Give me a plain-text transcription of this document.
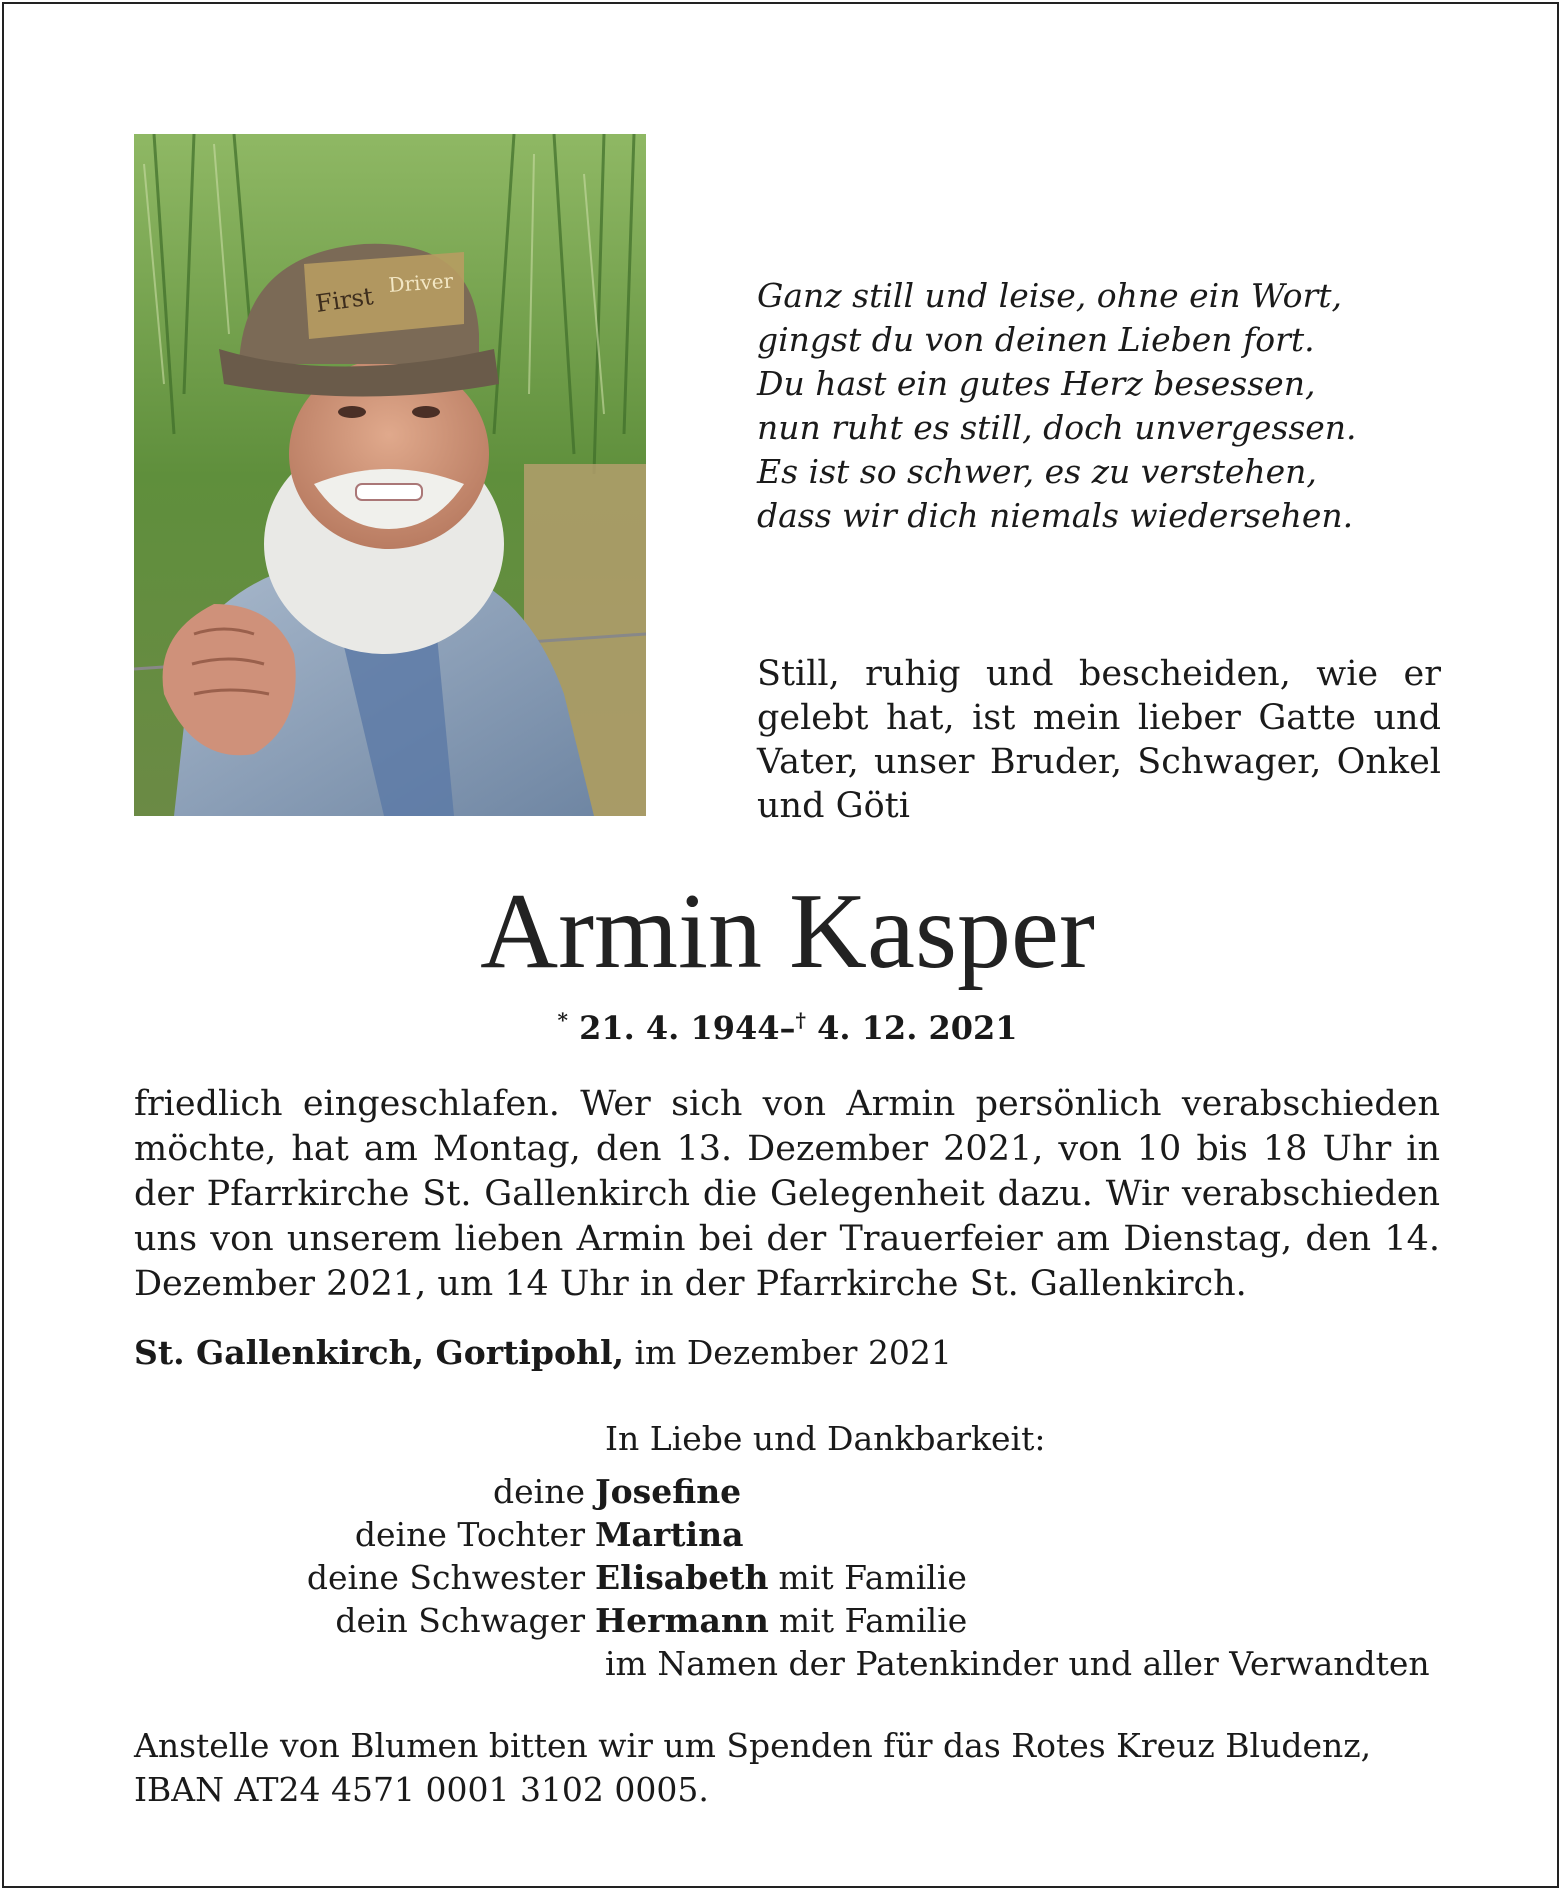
First Driver	Ganz still und leise, ohne ein Wort,
gingst du von deinen Lieben fort.
Du hast ein gutes Herz besessen,
nun ruht es still, doch unvergessen.
Es ist so schwer, es zu verstehen,
dass wir dich niemals wiedersehen.
Still, ruhig und bescheiden, wie er gelebt hat, ist mein lieber Gatte und Vater, unser Bruder, Schwager, Onkel und Göti
Armin Kasper
* 21. 4. 1944–† 4. 12. 2021
friedlich eingeschlafen. Wer sich von Armin persönlich verabschieden möchte, hat am Montag, den 13. Dezember 2021, von 10 bis 18 Uhr in der Pfarrkirche St. Gallenkirch die Gelegenheit dazu. Wir verabschieden uns von unserem lieben Armin bei der Trauerfeier am Dienstag, den 14. Dezember 2021, um 14 Uhr in der Pfarrkirche St. Gallenkirch.
St. Gallenkirch, Gortipohl, im Dezember 2021
In Liebe und Dankbarkeit:
deine Josefine
deine Tochter Martina
deine Schwester Elisabeth mit Familie
dein Schwager Hermann mit Familie
im Namen der Patenkinder und aller Verwandten
Anstelle von Blumen bitten wir um Spenden für das Rotes Kreuz Bludenz,
IBAN AT24 4571 0001 3102 0005.
